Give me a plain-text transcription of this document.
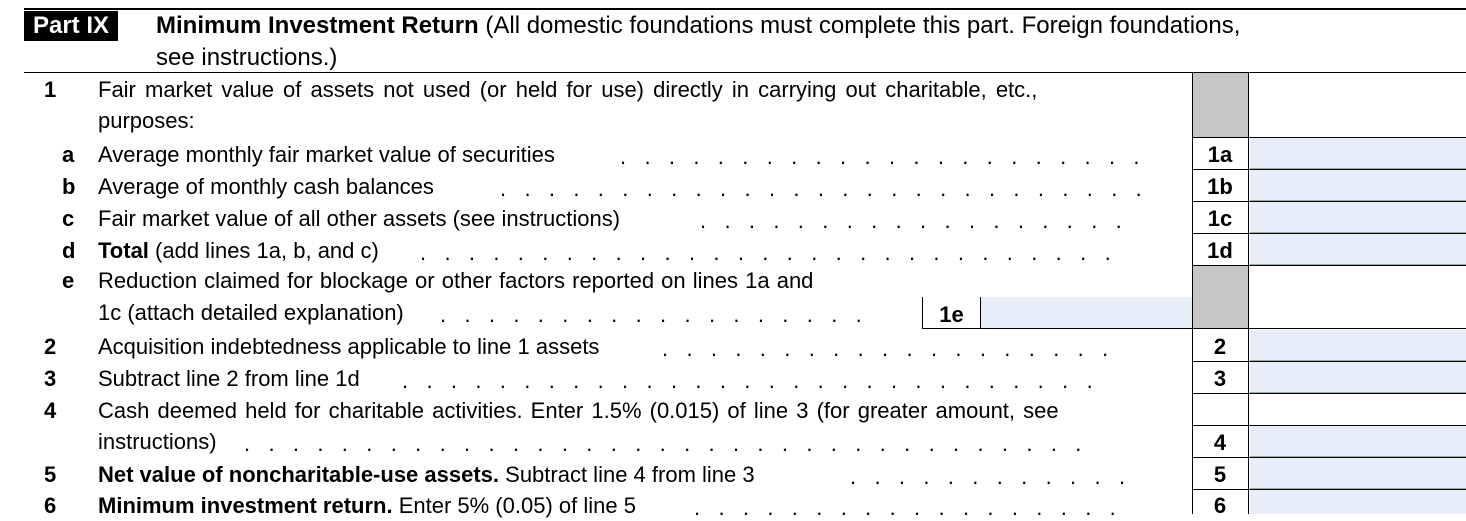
Part IX	Minimum Investment Return (All domestic foundations must complete this part. Foreign foundations,
see instructions.)
1 Fair market value of assets not used (or held for use) directly in carrying out charitable, etc.,
purposes:
a Average monthly fair market value of securities	.   .   .   .   .   .   .   .   .   .   .   .   .   .   .   .   .   .   .   .   .   .	1a
b Average of monthly cash balances	.   .   .   .   .   .   .   .   .   .   .   .   .   .   .   .   .   .   .   .   .   .   .   .   .   .   .	1b
c Fair market value of all other assets (see instructions)	.   .   .   .   .   .   .   .   .   .   .   .   .   .   .   .   .   .	1c
d Total (add lines 1a, b, and c) .   .   .   .   .   .   .   .   .   .   .   .   .   .   .   .   .   .   .   .   .   .   .   .   .   .   .   .   .	1d
e Reduction claimed for blockage or other factors reported on lines 1a and
1c (attach detailed explanation) .   .   .   .   .   .   .   .   .   .   .   .   .   .   .   .   .   .	1e
2 Acquisition indebtedness applicable to line 1 assets	.   .   .   .   .   .   .   .   .   .   .   .   .   .   .   .   .   .   .	2
3 Subtract line 2 from line 1d .   .   .   .   .   .   .   .   .   .   .   .   .   .   .   .   .   .   .   .   .   .   .   .   .   .   .   .   .	3
4 Cash deemed held for charitable activities. Enter 1.5% (0.015) of line 3 (for greater amount, see
instructions) .   .   .   .   .   .   .   .   .   .   .   .   .   .   .   .   .   .   .   .   .   .   .   .   .   .   .   .   .   .   .   .   .   .   .	4
5 Net value of noncharitable-use assets. Subtract line 4 from line 3	.   .   .   .   .   .   .   .   .   .   .   .	5
6 Minimum investment return. Enter 5% (0.05) of line 5	.   .   .   .   .   .   .   .   .   .   .   .   .   .   .   .   .   .	6
